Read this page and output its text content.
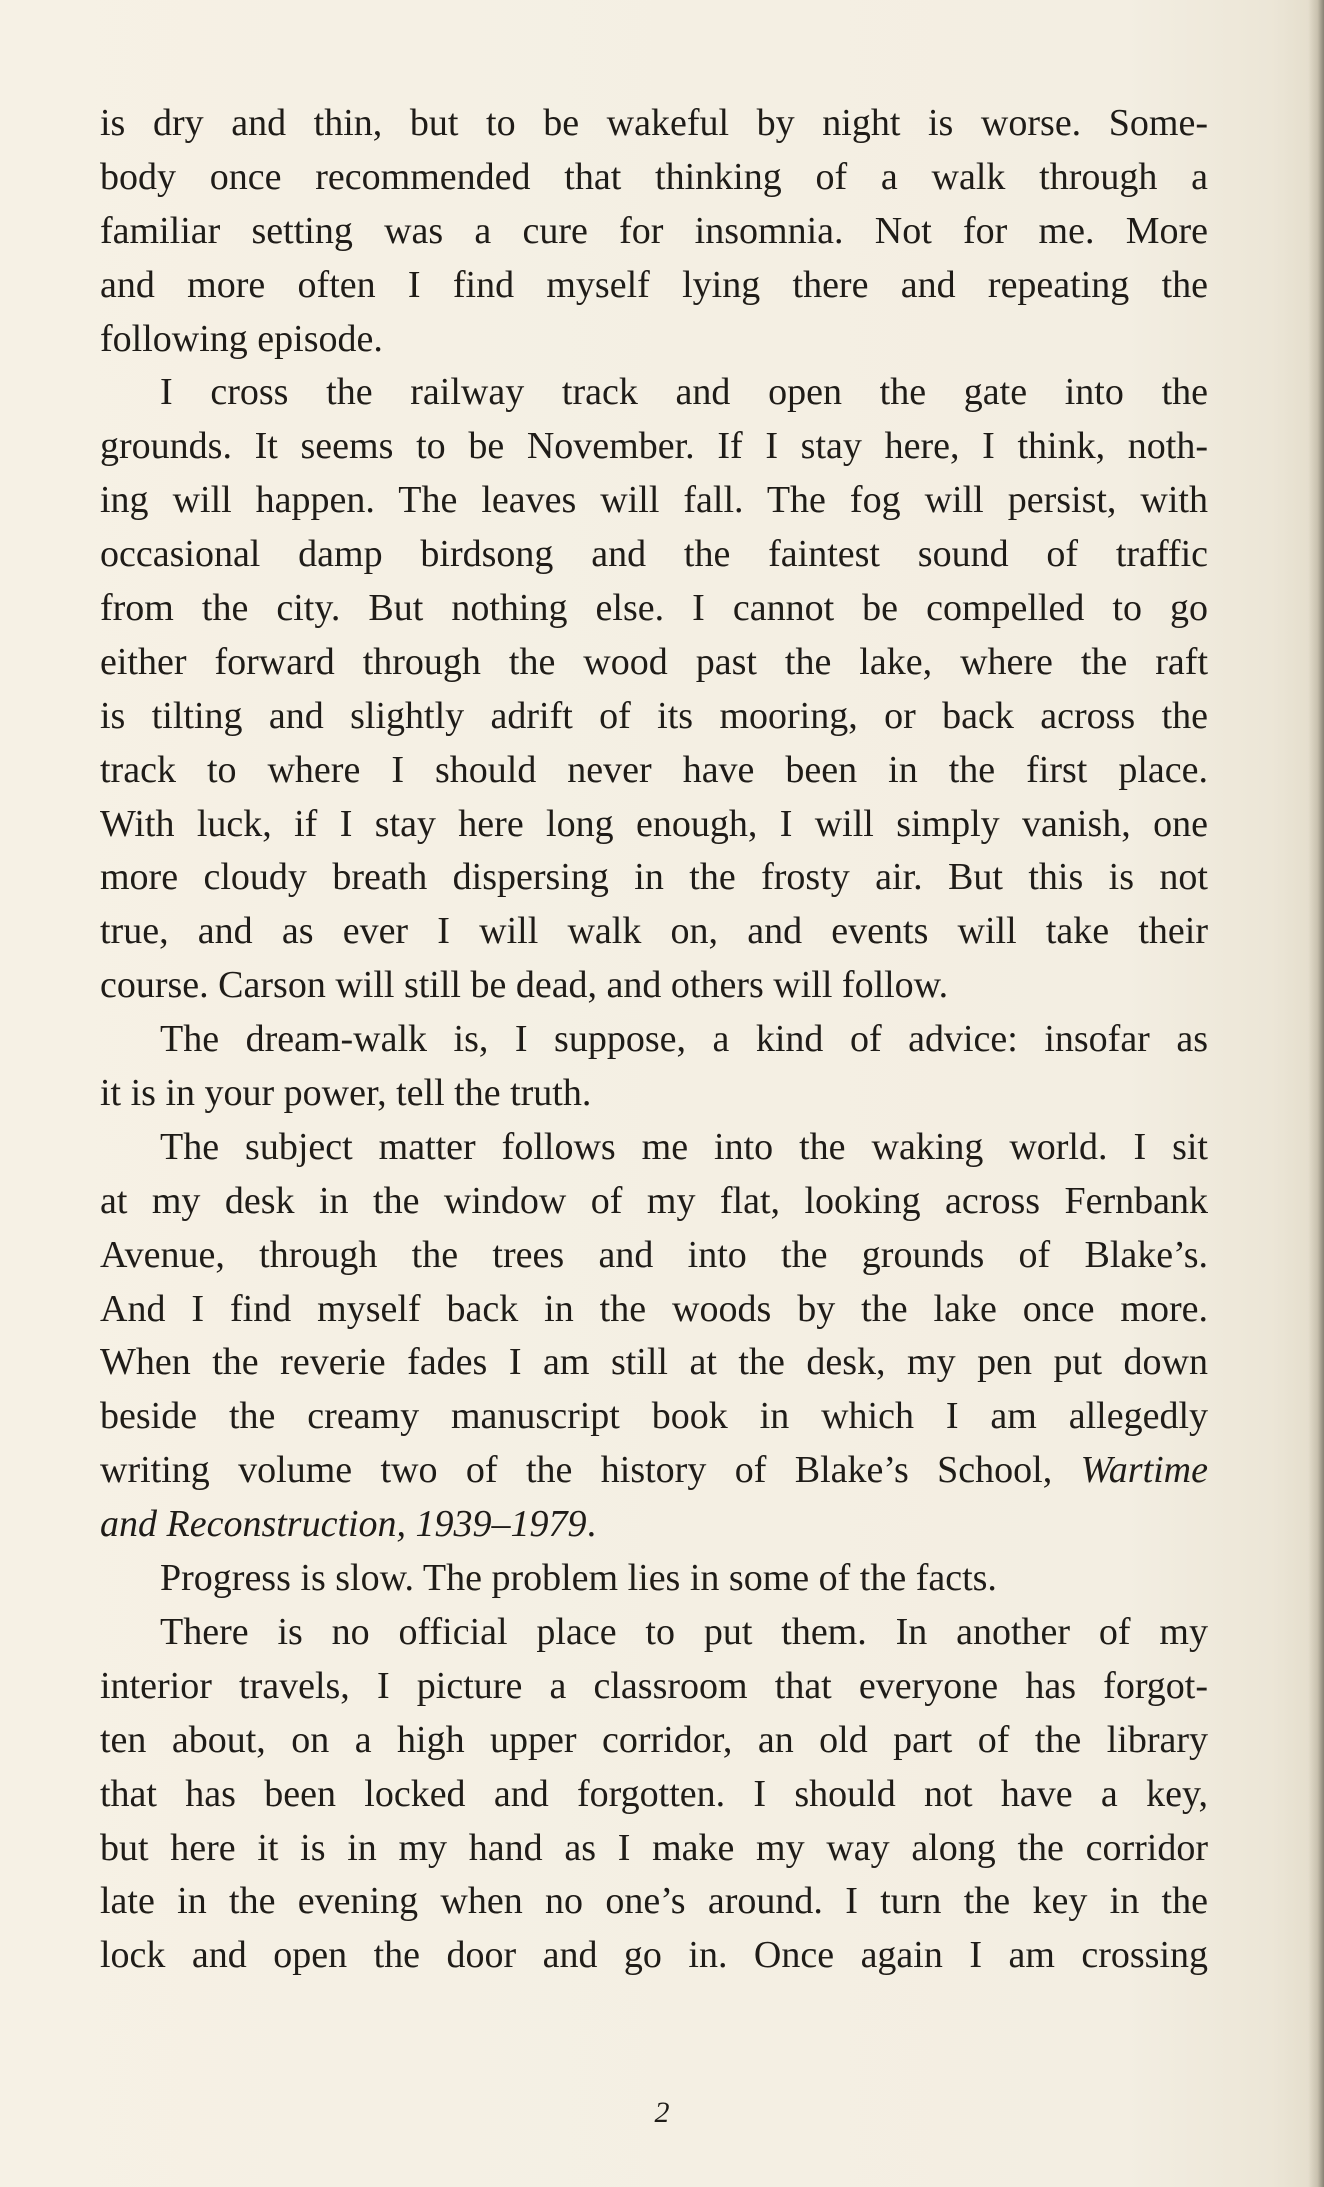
is dry and thin, but to be wakeful by night is worse. Some-
body once recommended that thinking of a walk through a
familiar setting was a cure for insomnia. Not for me. More
and more often I find myself lying there and repeating the
following episode.
I cross the railway track and open the gate into the
grounds. It seems to be November. If I stay here, I think, noth-
ing will happen. The leaves will fall. The fog will persist, with
occasional damp birdsong and the faintest sound of traffic
from the city. But nothing else. I cannot be compelled to go
either forward through the wood past the lake, where the raft
is tilting and slightly adrift of its mooring, or back across the
track to where I should never have been in the first place.
With luck, if I stay here long enough, I will simply vanish, one
more cloudy breath dispersing in the frosty air. But this is not
true, and as ever I will walk on, and events will take their
course. Carson will still be dead, and others will follow.
The dream-walk is, I suppose, a kind of advice: insofar as
it is in your power, tell the truth.
The subject matter follows me into the waking world. I sit
at my desk in the window of my flat, looking across Fernbank
Avenue, through the trees and into the grounds of Blake’s.
And I find myself back in the woods by the lake once more.
When the reverie fades I am still at the desk, my pen put down
beside the creamy manuscript book in which I am allegedly
writing volume two of the history of Blake’s School, Wartime
and Reconstruction, 1939–1979.
Progress is slow. The problem lies in some of the facts.
There is no official place to put them. In another of my
interior travels, I picture a classroom that everyone has forgot-
ten about, on a high upper corridor, an old part of the library
that has been locked and forgotten. I should not have a key,
but here it is in my hand as I make my way along the corridor
late in the evening when no one’s around. I turn the key in the
lock and open the door and go in. Once again I am crossing
2
